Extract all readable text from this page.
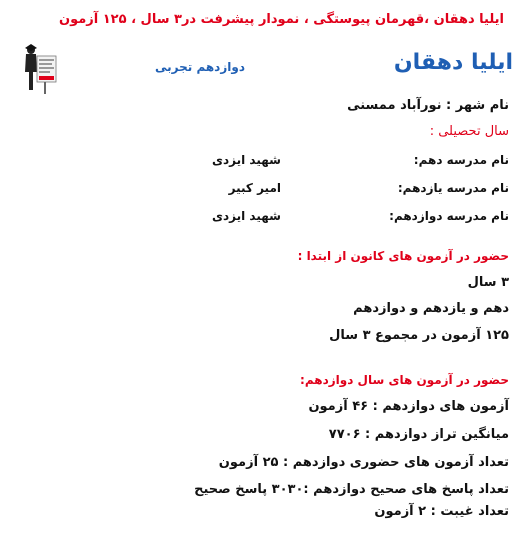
ایلیا دهقان ،قهرمان پیوستگی ، نمودار پیشرفت در۳ سال ، ۱۲۵ آزمون
ایلیا دهقان
دوازدهم تجربی
نام شهر : نورآباد ممسنی
سال تحصیلی :
نام مدرسه دهم:
شهید ایزدی
نام مدرسه یازدهم:
امیر کبیر
نام مدرسه دوازدهم:
شهید ایزدی
حضور در آزمون های کانون از ابتدا :
۳ سال
دهم و یازدهم و دوازدهم
۱۲۵ آزمون در مجموع ۳ سال
حضور در آزمون های سال دوازدهم:
آزمون های دوازدهم : ۴۶ آزمون
میانگین تراز دوازدهم : ۷۷۰۶
تعداد آزمون های حضوری دوازدهم : ۲۵ آزمون
تعداد پاسخ های صحیح دوازدهم :۳۰۳۰ پاسخ صحیح
تعداد غیبت : ۲ آزمون
